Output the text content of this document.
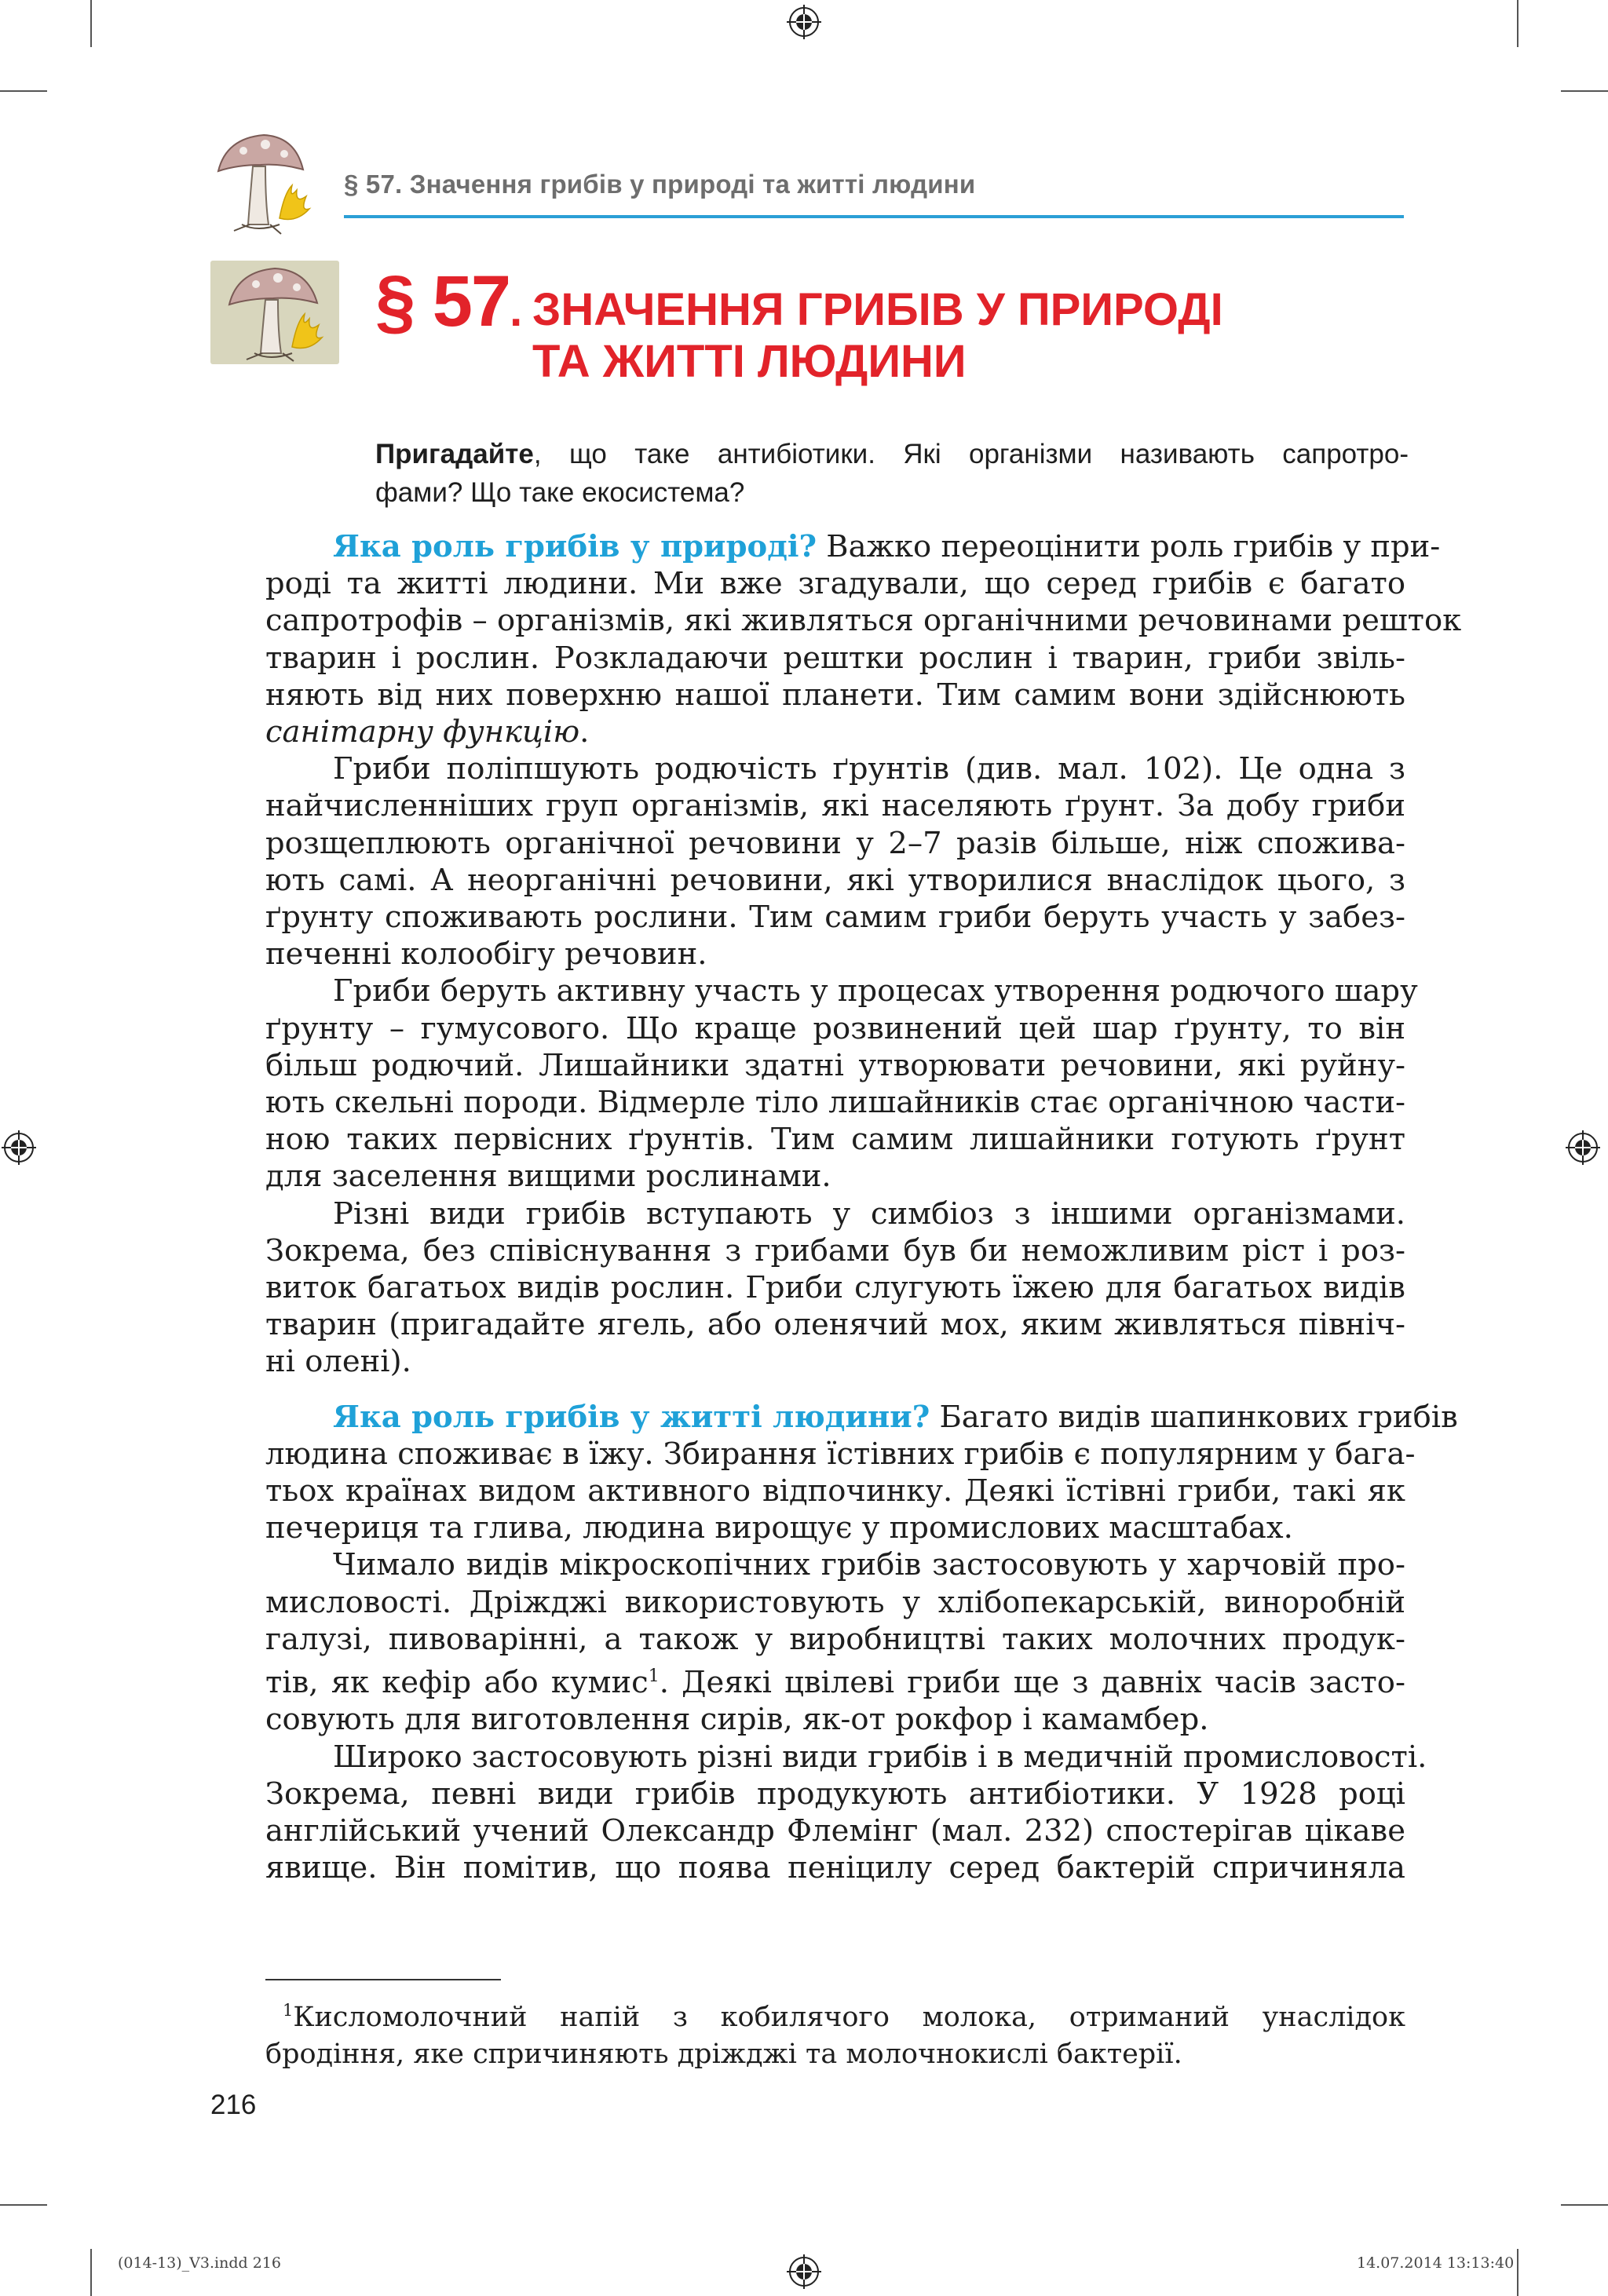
§ 57. Значення грибів у природі та житті людини
§ 57. ЗНАЧЕННЯ ГРИБІВ У ПРИРОДІ
ТА ЖИТТІ ЛЮДИНИ
Пригадайте, що таке антибіотики. Які організми називають сапротро-
фами? Що таке екосистема?
Яка роль грибів у природі? Важко переоцінити роль грибів у при-
роді та житті людини. Ми вже згадували, що серед грибів є багато
сапротрофів – організмів, які живляться органічними речовинами решток
тварин і рослин. Розкладаючи рештки рослин і тварин, гриби звіль-
няють від них поверхню нашої планети. Тим самим вони здійснюють
санітарну функцію.
Гриби поліпшують родючість ґрунтів (див. мал. 102). Це одна з
найчисленніших груп організмів, які населяють ґрунт. За добу гриби
розщеплюють органічної речовини у 2–7 разів більше, ніж спожива-
ють самі. А неорганічні речовини, які утворилися внаслідок цього, з
ґрунту споживають рослини. Тим самим гриби беруть участь у забез-
печенні колообігу речовин.
Гриби беруть активну участь у процесах утворення родючого шару
ґрунту – гумусового. Що краще розвинений цей шар ґрунту, то він
більш родючий. Лишайники здатні утворювати речовини, які руйну-
ють скельні породи. Відмерле тіло лишайників стає органічною части-
ною таких первісних ґрунтів. Тим самим лишайники готують ґрунт
для заселення вищими рослинами.
Різні види грибів вступають у симбіоз з іншими організмами.
Зокрема, без співіснування з грибами був би неможливим ріст і роз-
виток багатьох видів рослин. Гриби слугують їжею для багатьох видів
тварин (пригадайте ягель, або оленячий мох, яким живляться північ-
ні олені).
Яка роль грибів у житті людини? Багато видів шапинкових грибів
людина споживає в їжу. Збирання їстівних грибів є популярним у бага-
тьох країнах видом активного відпочинку. Деякі їстівні гриби, такі як
печериця та глива, людина вирощує у промислових масштабах.
Чимало видів мікроскопічних грибів застосовують у харчовій про-
мисловості. Дріжджі використовують у хлібопекарській, виноробній
галузі, пивоварінні, а також у виробництві таких молочних продук-
тів, як кефір або кумис$^1$. Деякі цвілеві гриби ще з давніх часів засто-
совують для виготовлення сирів, як-от рокфор і камамбер.
Широко застосовують різні види грибів і в медичній промисловості.
Зокрема, певні види грибів продукують антибіотики. У 1928 році
англійський учений Олександр Флемінг (мал. 232) спостерігав цікаве
явище. Він помітив, що поява пеніцилу серед бактерій спричиняла
$^1$Кисломолочний напій з кобилячого молока, отриманий унаслідок
бродіння, яке спричиняють дріжджі та молочнокислі бактерії.
216
(014-13)_V3.indd 216	14.07.2014 13:13:40
